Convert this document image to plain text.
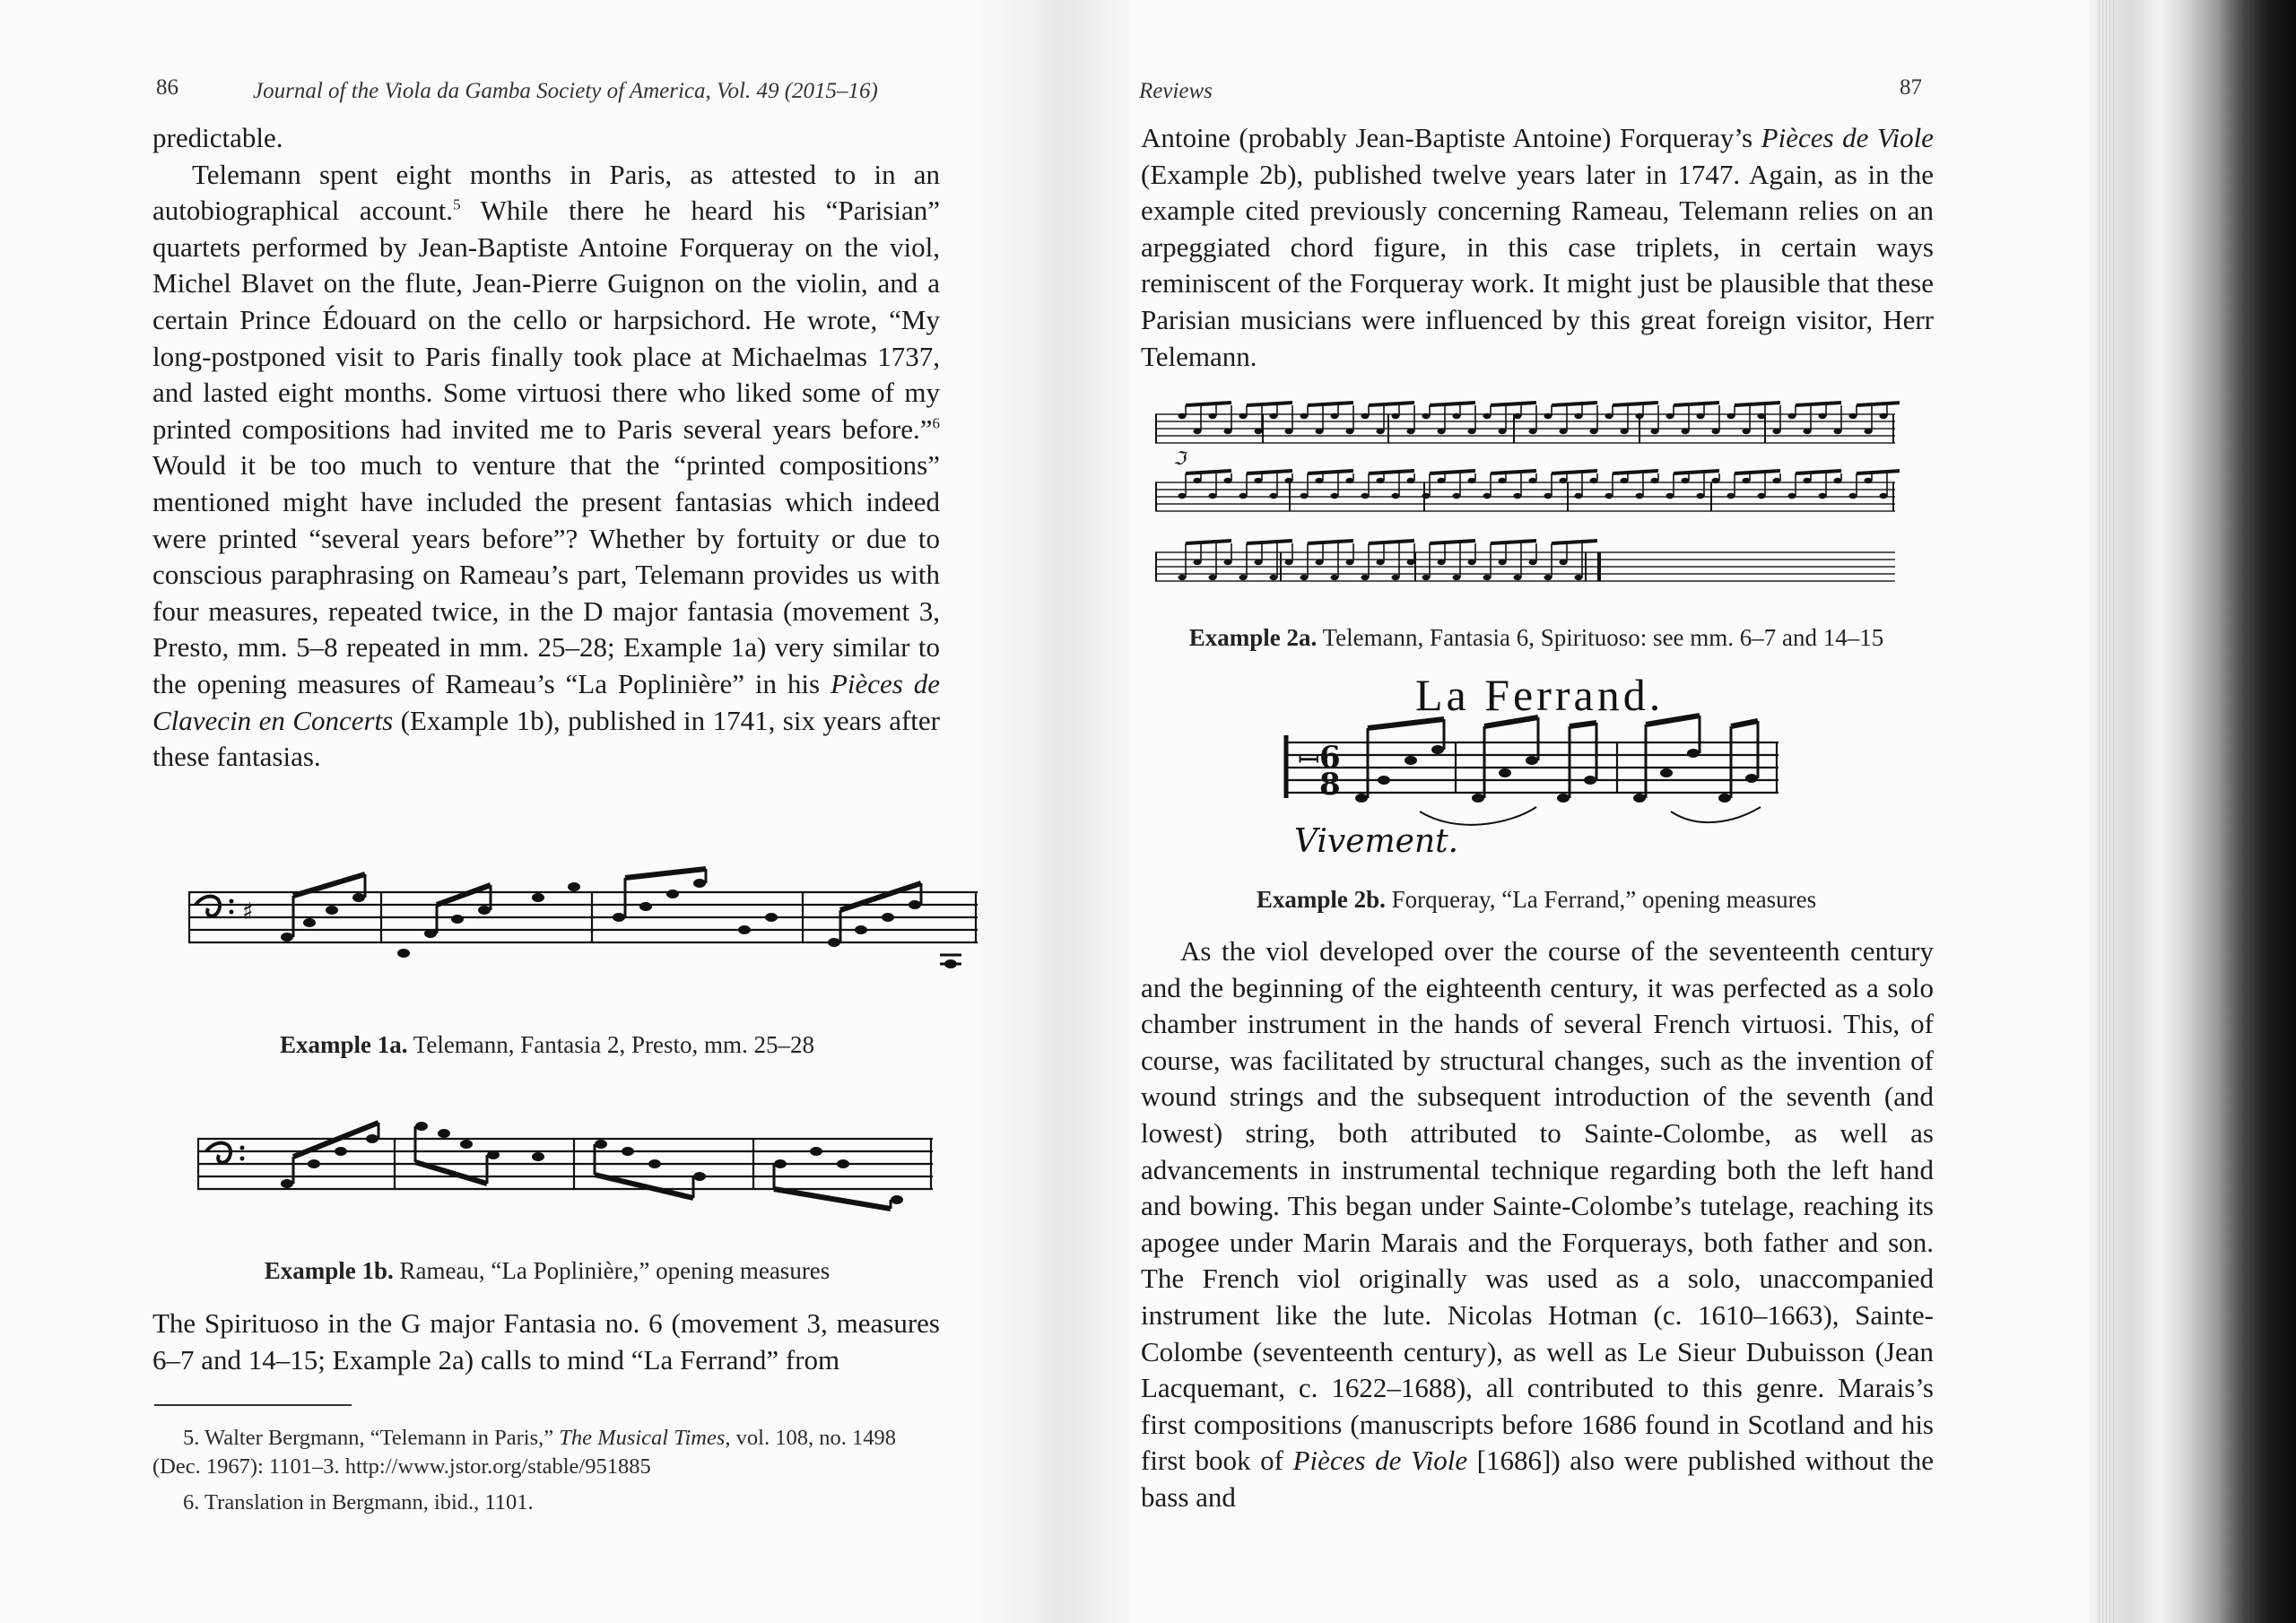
86	Journal of the Viola da Gamba Society of America, Vol. 49 (2015–16)

predictable.

Telemann spent eight months in Paris, as attested to in an autobiographical account.$^5$ While there he heard his “Parisian” quartets performed by Jean-Baptiste Antoine Forqueray on the viol, Michel Blavet on the flute, Jean-Pierre Guignon on the violin, and a certain Prince Édouard on the cello or harpsichord. He wrote, “My long-postponed visit to Paris finally took place at Michaelmas 1737, and lasted eight months. Some virtuosi there who liked some of my printed compositions had invited me to Paris several years before.”$^6$ Would it be too much to venture that the “printed compositions” mentioned might have included the present fantasias which indeed were printed “several years before”? Whether by fortuity or due to conscious paraphrasing on Rameau’s part, Telemann provides us with four measures, repeated twice, in the D major fantasia (movement 3, Presto, mm. 5–8 repeated in mm. 25–28; Example 1a) very similar to the opening measures of Rameau’s “La Poplinière” in his Pièces de Clavecin en Concerts (Example 1b), published in 1741, six years after these fantasias.

♯
Example 1a. Telemann, Fantasia 2, Presto, mm. 25–28
Example 1b. Rameau, “La Poplinière,” opening measures

The Spirituoso in the G major Fantasia no. 6 (movement 3, measures 6–7 and 14–15; Example 2a) calls to mind “La Ferrand” from

5. Walter Bergmann, “Telemann in Paris,” The Musical Times, vol. 108, no. 1498 (Dec. 1967): 1101–3. http://www.jstor.org/stable/951885

6. Translation in Bergmann, ibid., 1101.

Reviews	87

Antoine (probably Jean-Baptiste Antoine) Forqueray’s Pièces de Viole (Example 2b), published twelve years later in 1747. Again, as in the example cited previously concerning Rameau, Telemann relies on an arpeggiated chord figure, in this case triplets, in certain ways reminiscent of the Forqueray work. It might just be plausible that these Parisian musicians were influenced by this great foreign visitor, Herr Telemann.

ℑ
Example 2a. Telemann, Fantasia 6, Spirituoso: see mm. 6–7 and 14–15
La Ferrand.
ꟷ 6
8
Vivement.
Example 2b. Forqueray, “La Ferrand,” opening measures

As the viol developed over the course of the seventeenth century and the beginning of the eighteenth century, it was perfected as a solo chamber instrument in the hands of several French virtuosi. This, of course, was facilitated by structural changes, such as the invention of wound strings and the subsequent introduction of the seventh (and lowest) string, both attributed to Sainte-Colombe, as well as advancements in instrumental technique regarding both the left hand and bowing. This began under Sainte-Colombe’s tutelage, reaching its apogee under Marin Marais and the Forquerays, both father and son. The French viol originally was used as a solo, unaccompanied instrument like the lute. Nicolas Hotman (c. 1610–1663), Sainte-Colombe (seventeenth century), as well as Le Sieur Dubuisson (Jean Lacquemant, c. 1622–1688), all contributed to this genre. Marais’s first compositions (manuscripts before 1686 found in Scotland and his first book of Pièces de Viole [1686]) also were published without the bass and
